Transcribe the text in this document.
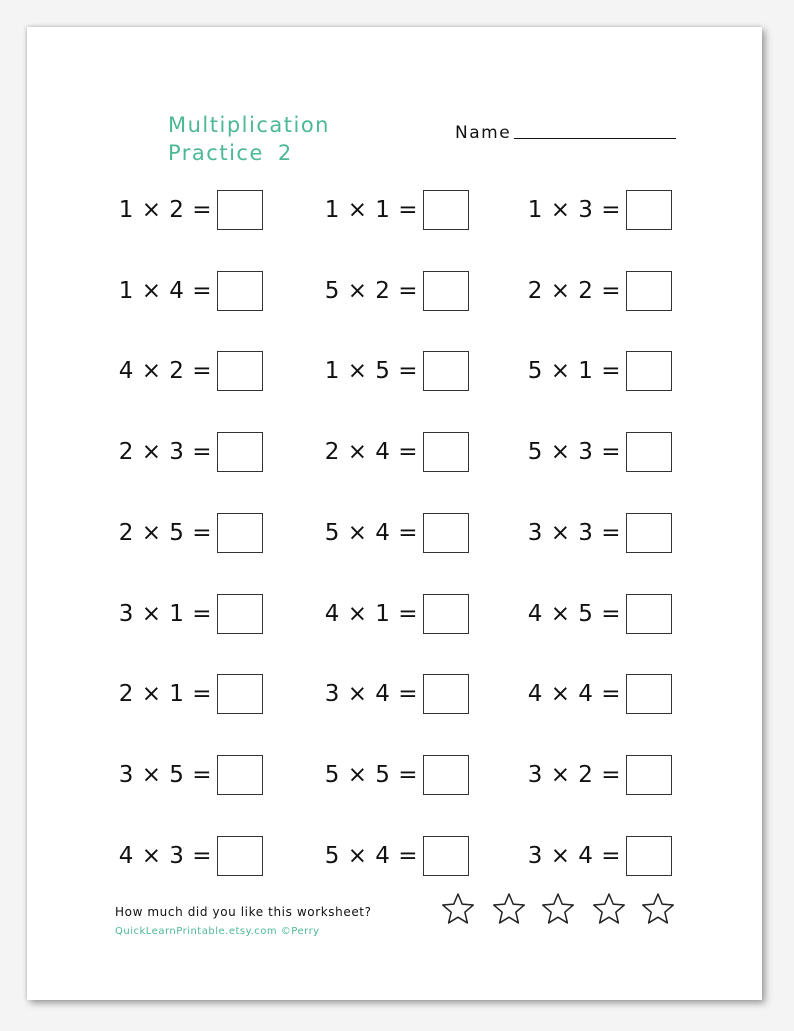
Multiplication
Practice 2
Name
1 × 2 =	1 × 1 =	1 × 3 =
1 × 4 =	5 × 2 =	2 × 2 =
4 × 2 =	1 × 5 =	5 × 1 =
2 × 3 =	2 × 4 =	5 × 3 =
2 × 5 =	5 × 4 =	3 × 3 =
3 × 1 =	4 × 1 =	4 × 5 =
2 × 1 =	3 × 4 =	4 × 4 =
3 × 5 =	5 × 5 =	3 × 2 =
4 × 3 =	5 × 4 =	3 × 4 =
How much did you like this worksheet?
QuickLearnPrintable.etsy.com ©Perry
